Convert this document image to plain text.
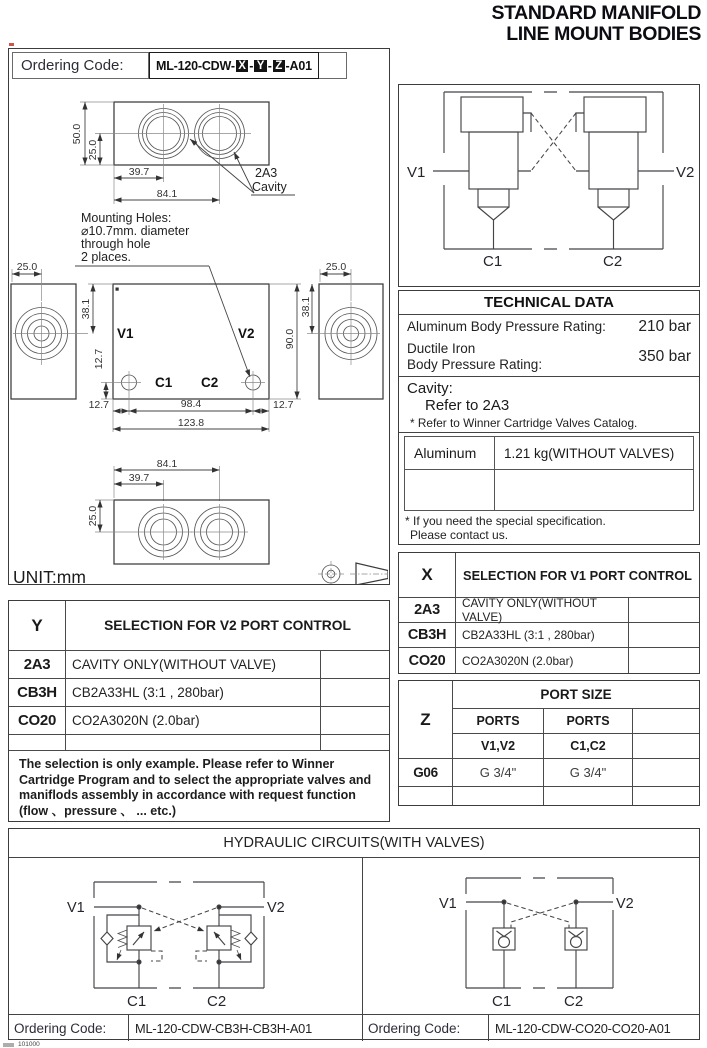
STANDARD MANIFOLD
LINE MOUNT BODIES
Ordering Code:	ML-120-CDW- X - Y - Z -A01
50.0
25.0
39.7
84.1
2A3
Cavity
Mounting Holes:
⌀10.7mm. diameter
through hole
2 places.
V1	V2
C1 C2
25.0
38.1
12.7
90.0
38.1
25.0
12.7	98.4	12.7
123.8
84.1
39.7
25.0
UNIT:mm
V1	V2
C1	C2
TECHNICAL DATA
Aluminum Body Pressure Rating: 210 bar
Ductile Iron
Body Pressure Rating:	350 bar
Cavity:
Refer to 2A3
* Refer to Winner Cartridge Valves Catalog.
Aluminum	1.21 kg(WITHOUT VALVES)
* If you need the special specification.
Please contact us.
X	SELECTION FOR V1 PORT CONTROL
2A3	CAVITY ONLY(WITHOUT VALVE)
CB3H	CB2A33HL (3:1 , 280bar)
CO20	CO2A3020N (2.0bar)
Z
PORT SIZE
PORTS	PORTS
V1,V2	C1,C2
G06	G 3/4"	G 3/4"
Y	SELECTION FOR V2 PORT CONTROL
2A3	CAVITY ONLY(WITHOUT VALVE)
CB3H	CB2A33HL (3:1 , 280bar)
CO20	CO2A3020N (2.0bar)
The selection is only example. Please refer to Winner Cartridge Program and to select the appropriate valves and maniflods assembly in accordance with request function (flow 、pressure 、 ... etc.)
HYDRAULIC CIRCUITS(WITH VALVES)
V1	V2
C1	C2
Ordering Code:	ML-120-CDW-CB3H-CB3H-A01
V1	V2
C1	C2
Ordering Code:	ML-120-CDW-CO20-CO20-A01
101000
